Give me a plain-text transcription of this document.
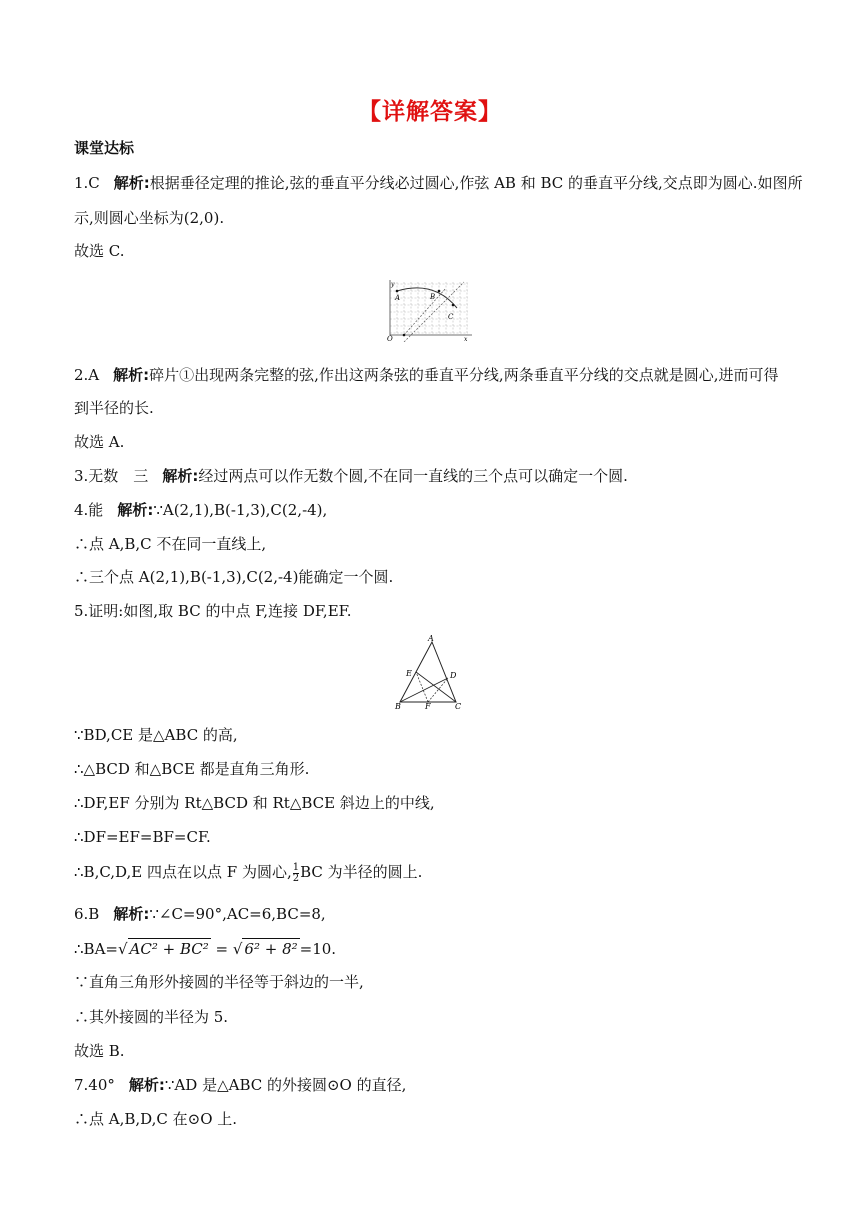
【详解答案】
课堂达标
1.C 解析:根据垂径定理的推论,弦的垂直平分线必过圆心,作弦 AB 和 BC 的垂直平分线,交点即为圆心.如图所
示,则圆心坐标为(2,0).
故选 C.
y
A	B
C
O	x
2.A 解析:碎片①出现两条完整的弦,作出这两条弦的垂直平分线,两条垂直平分线的交点就是圆心,进而可得
到半径的长.
故选 A.
3.无数　三 解析:经过两点可以作无数个圆,不在同一直线的三个点可以确定一个圆.
4.能 解析:∵A(2,1),B(-1,3),C(2,-4),
∴点 A,B,C 不在同一直线上,
∴三个点 A(2,1),B(-1,3),C(2,-4)能确定一个圆.
5.证明:如图,取 BC 的中点 F,连接 DF,EF.
A
E	D
B	F	C
∵BD,CE 是△ABC 的高,
∴△BCD 和△BCE 都是直角三角形.
∴DF,EF 分别为 Rt△BCD 和 Rt△BCE 斜边上的中线,
∴DF=EF=BF=CF.
∴B,C,D,E 四点在以点 F 为圆心, $\frac{1}{2}$ BC 为半径的圆上.
6.B 解析:∵∠C=90°,AC=6,BC=8,
∴BA=√ AC² + BC² = √ 6² + 8² =10.
∵直角三角形外接圆的半径等于斜边的一半,
∴其外接圆的半径为 5.
故选 B.
7.40° 解析:∵AD 是△ABC 的外接圆⊙O 的直径,
∴点 A,B,D,C 在⊙O 上.
